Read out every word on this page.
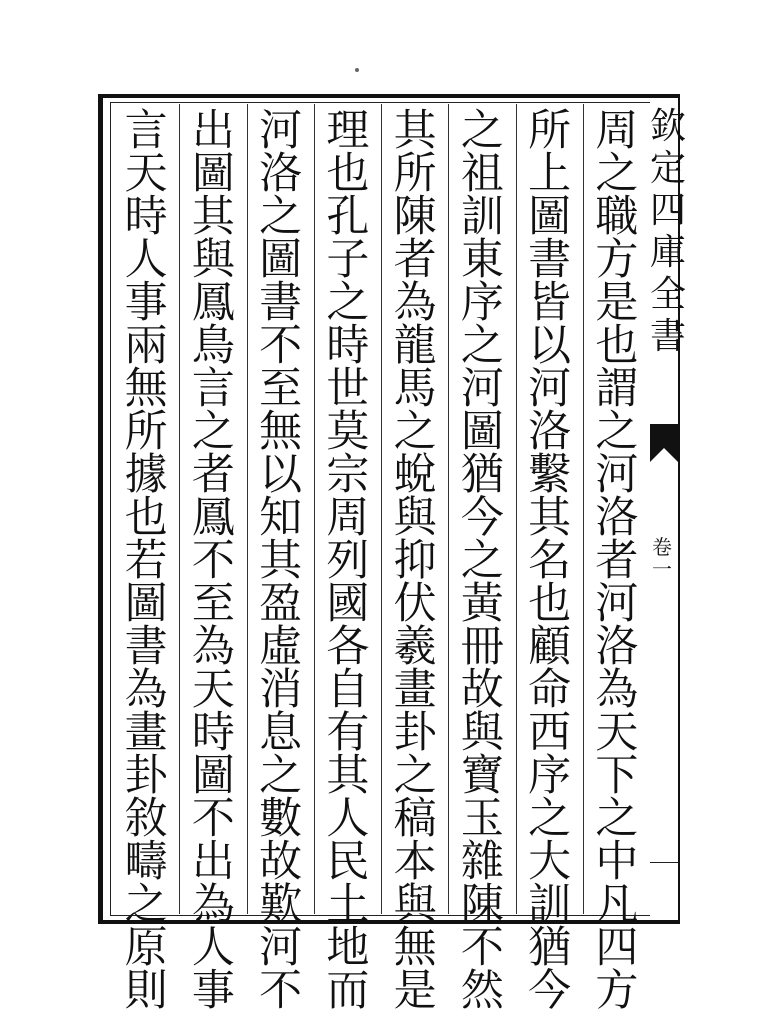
周
之
職
方
是
也
謂
之
河
洛
者
河
洛
為
天
下
之
中
凡
四
方
所
上
圖
書
皆
以
河
洛
繫
其
名
也
顧
命
西
序
之
大
訓
猶
今
之
祖
訓
東
序
之
河
圖
猶
今
之
黃
冊
故
與
寶
玉
雜
陳
不
然
其
所
陳
者
為
龍
馬
之
蛻
與
抑
伏
羲
畫
卦
之
稿
本
與
無
是
理
也
孔
子
之
時
世
莫
宗
周
列
國
各
自
有
其
人
民
土
地
而
河
洛
之
圖
書
不
至
無
以
知
其
盈
虛
消
息
之
數
故
歎
河
不
出
圖
其
與
鳳
鳥
言
之
者
鳳
不
至
為
天
時
圖
不
出
為
人
事
言
天
時
人
事
兩
無
所
據
也
若
圖
書
為
畫
卦
敘
疇
之
原
則
欽
定
四
庫
全
書
卷
一
